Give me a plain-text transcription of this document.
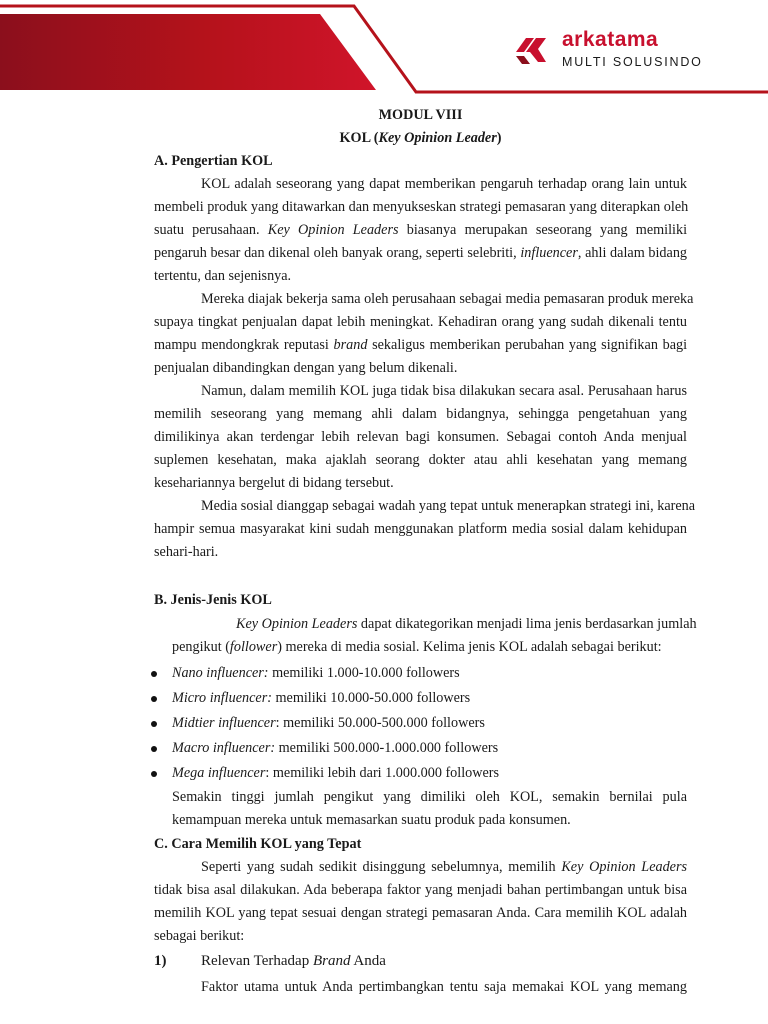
arkatama
MULTI SOLUSINDO
MODUL VIII
KOL (Key Opinion Leader)
A. Pengertian KOL
KOL adalah seseorang yang dapat memberikan pengaruh terhadap orang lain untuk
membeli produk yang ditawarkan dan menyukseskan strategi pemasaran yang diterapkan oleh
suatu perusahaan. Key Opinion Leaders biasanya merupakan seseorang yang memiliki
pengaruh besar dan dikenal oleh banyak orang, seperti selebriti, influencer, ahli dalam bidang
tertentu, dan sejenisnya.
Mereka diajak bekerja sama oleh perusahaan sebagai media pemasaran produk mereka
supaya tingkat penjualan dapat lebih meningkat. Kehadiran orang yang sudah dikenali tentu
mampu mendongkrak reputasi brand sekaligus memberikan perubahan yang signifikan bagi
penjualan dibandingkan dengan yang belum dikenali.
Namun, dalam memilih KOL juga tidak bisa dilakukan secara asal. Perusahaan harus
memilih seseorang yang memang ahli dalam bidangnya, sehingga pengetahuan yang
dimilikinya akan terdengar lebih relevan bagi konsumen. Sebagai contoh Anda menjual
suplemen kesehatan, maka ajaklah seorang dokter atau ahli kesehatan yang memang
kesehariannya bergelut di bidang tersebut.
Media sosial dianggap sebagai wadah yang tepat untuk menerapkan strategi ini, karena
hampir semua masyarakat kini sudah menggunakan platform media sosial dalam kehidupan
sehari-hari.
B. Jenis-Jenis KOL
Key Opinion Leaders dapat dikategorikan menjadi lima jenis berdasarkan jumlah
pengikut (follower) mereka di media sosial. Kelima jenis KOL adalah sebagai berikut:
Nano influencer: memiliki 1.000-10.000 followers
Micro influencer: memiliki 10.000-50.000 followers
Midtier influencer: memiliki 50.000-500.000 followers
Macro influencer: memiliki 500.000-1.000.000 followers
Mega influencer: memiliki lebih dari 1.000.000 followers
Semakin tinggi jumlah pengikut yang dimiliki oleh KOL, semakin bernilai pula
kemampuan mereka untuk memasarkan suatu produk pada konsumen.
C. Cara Memilih KOL yang Tepat
Seperti yang sudah sedikit disinggung sebelumnya, memilih Key Opinion Leaders
tidak bisa asal dilakukan. Ada beberapa faktor yang menjadi bahan pertimbangan untuk bisa
memilih KOL yang tepat sesuai dengan strategi pemasaran Anda. Cara memilih KOL adalah
sebagai berikut:
1)	Relevan Terhadap Brand Anda
Faktor utama untuk Anda pertimbangkan tentu saja memakai KOL yang memang
